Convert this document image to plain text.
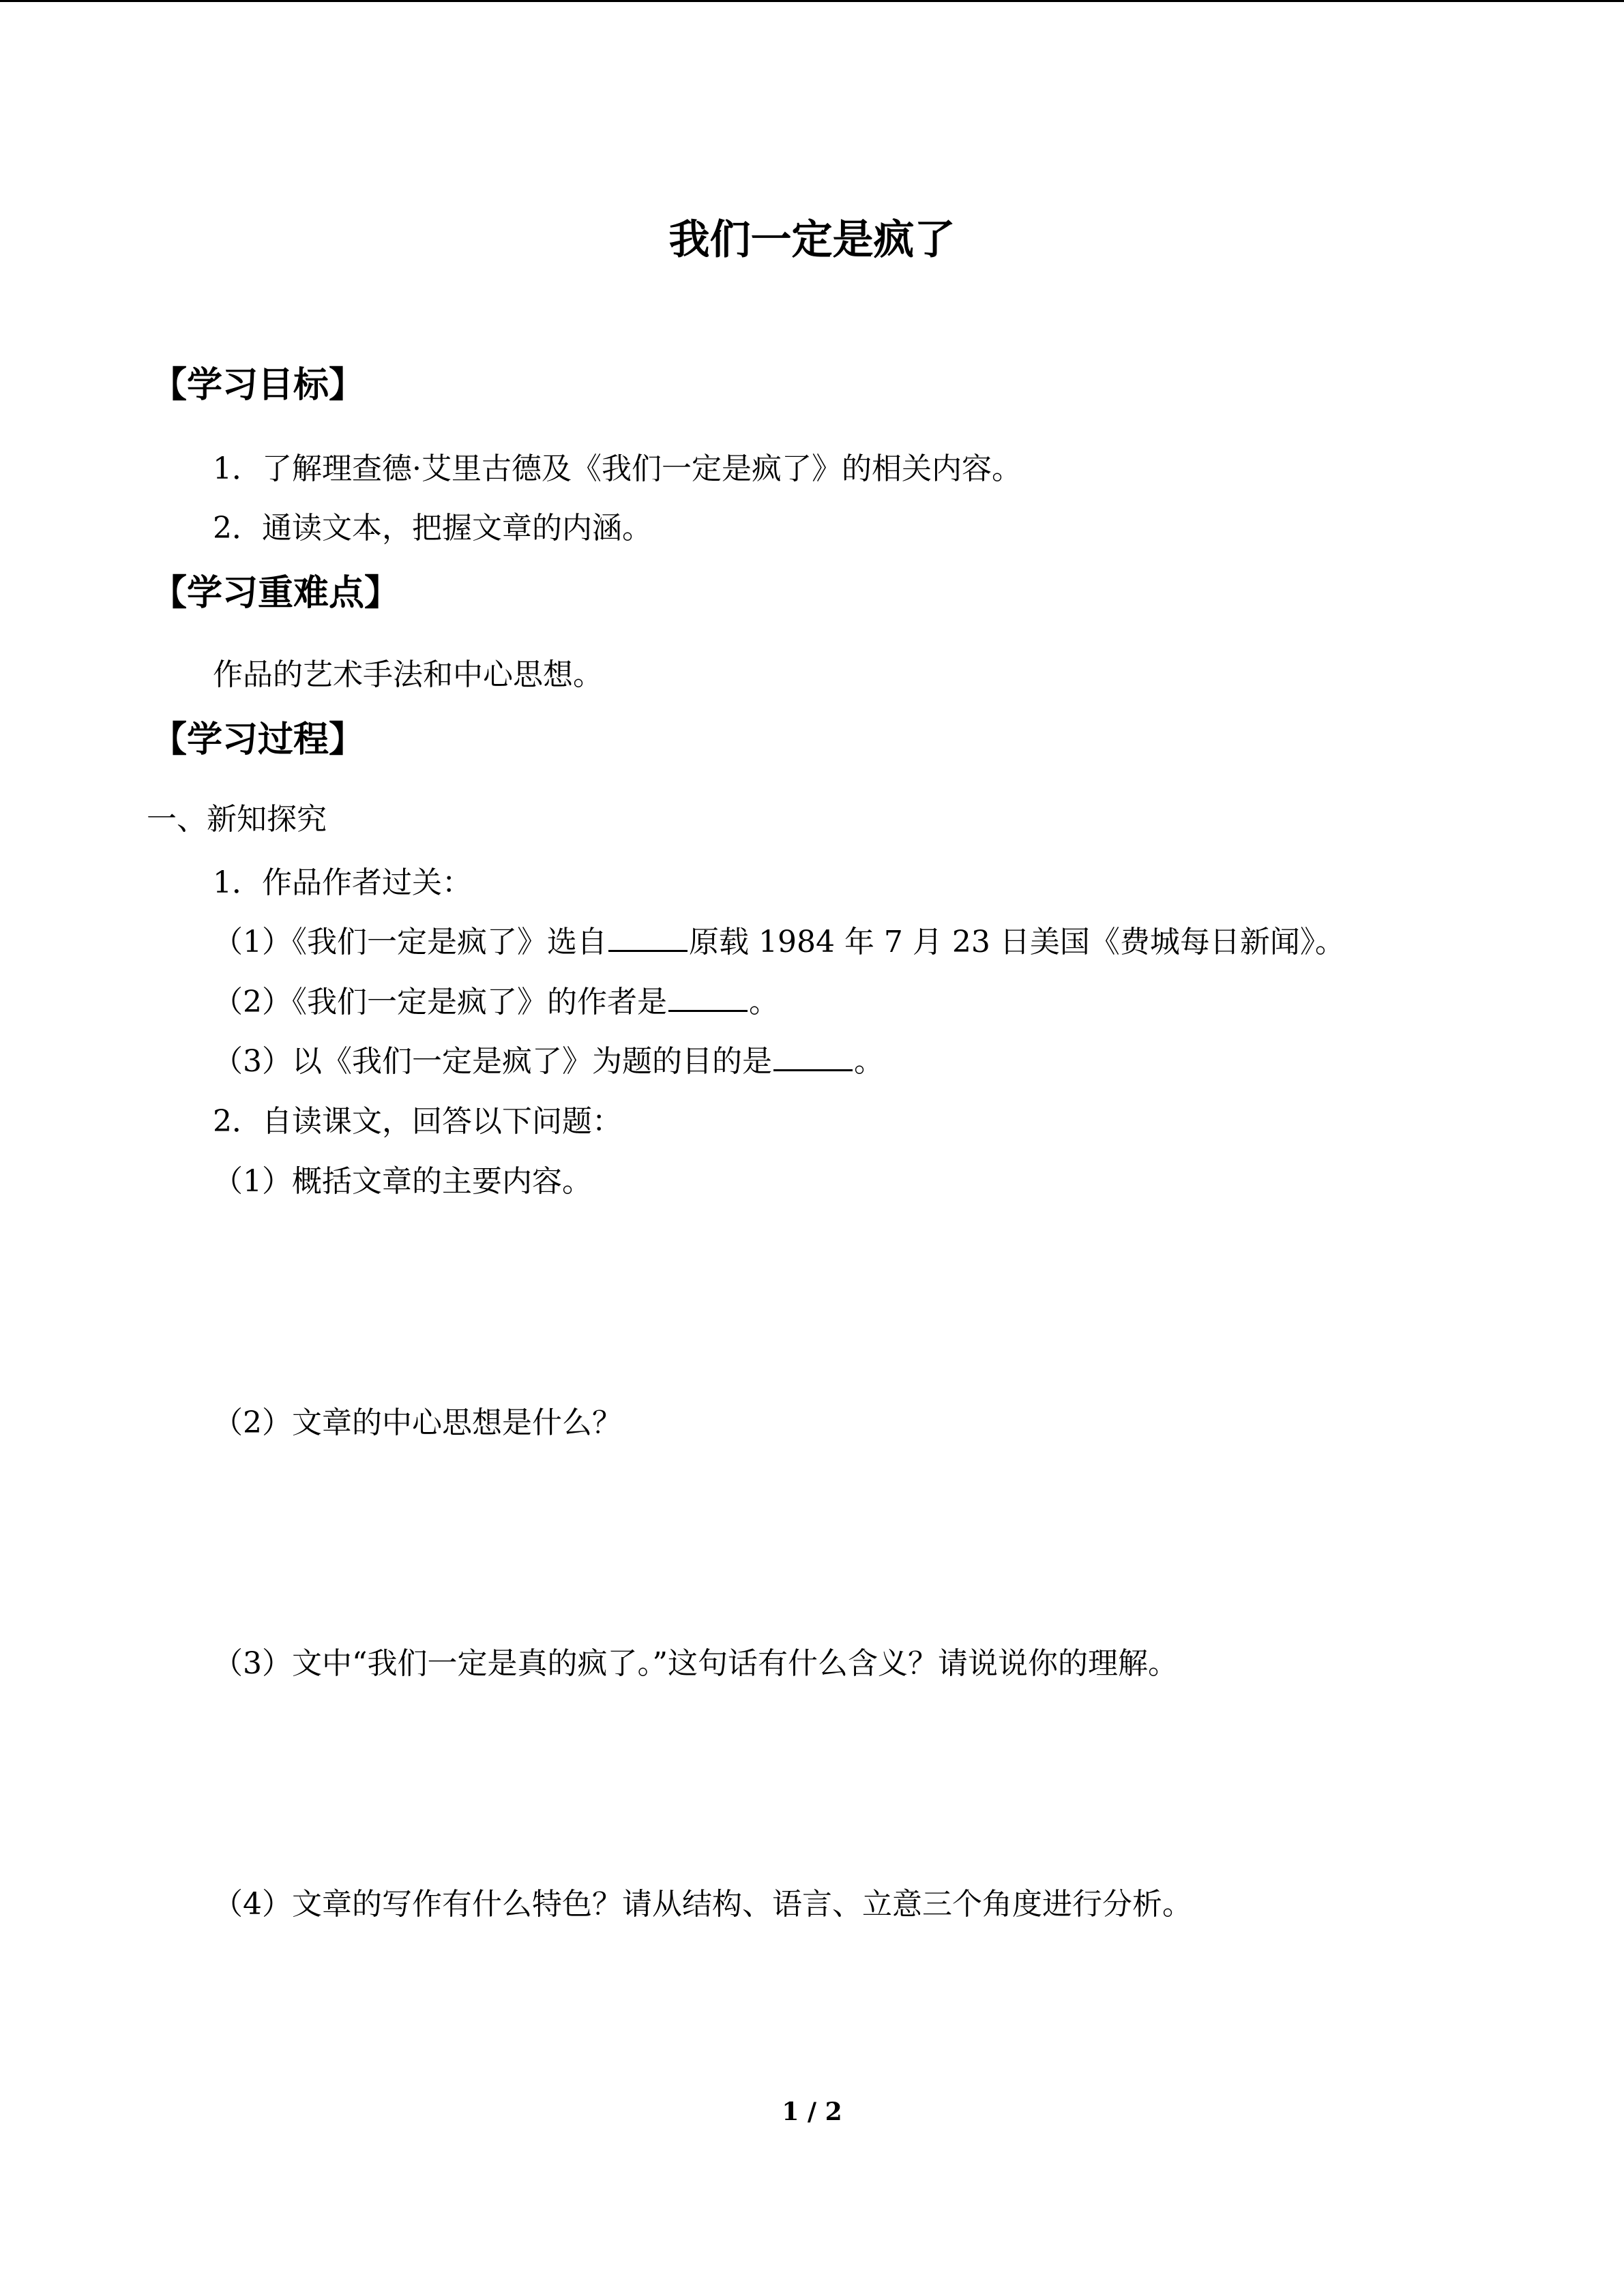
我们一定是疯了
【学习目标】
1．了解理查德·艾里古德及《我们一定是疯了》的相关内容。
2．通读文本，把握文章的内涵。
【学习重难点】
作品的艺术手法和中心思想。
【学习过程】
一、新知探究
1．作品作者过关：
（1）《我们一定是疯了》选自	原载 1984 年 7 月 23 日美国《费城每日新闻》。
（2）《我们一定是疯了》的作者是	。
（3）以《我们一定是疯了》为题的目的是	。
2．自读课文，回答以下问题：
（1）概括文章的主要内容。
（2）文章的中心思想是什么？
（3）文中“我们一定是真的疯了。”这句话有什么含义？请说说你的理解。
（4）文章的写作有什么特色？请从结构、语言、立意三个角度进行分析。
1 / 2
